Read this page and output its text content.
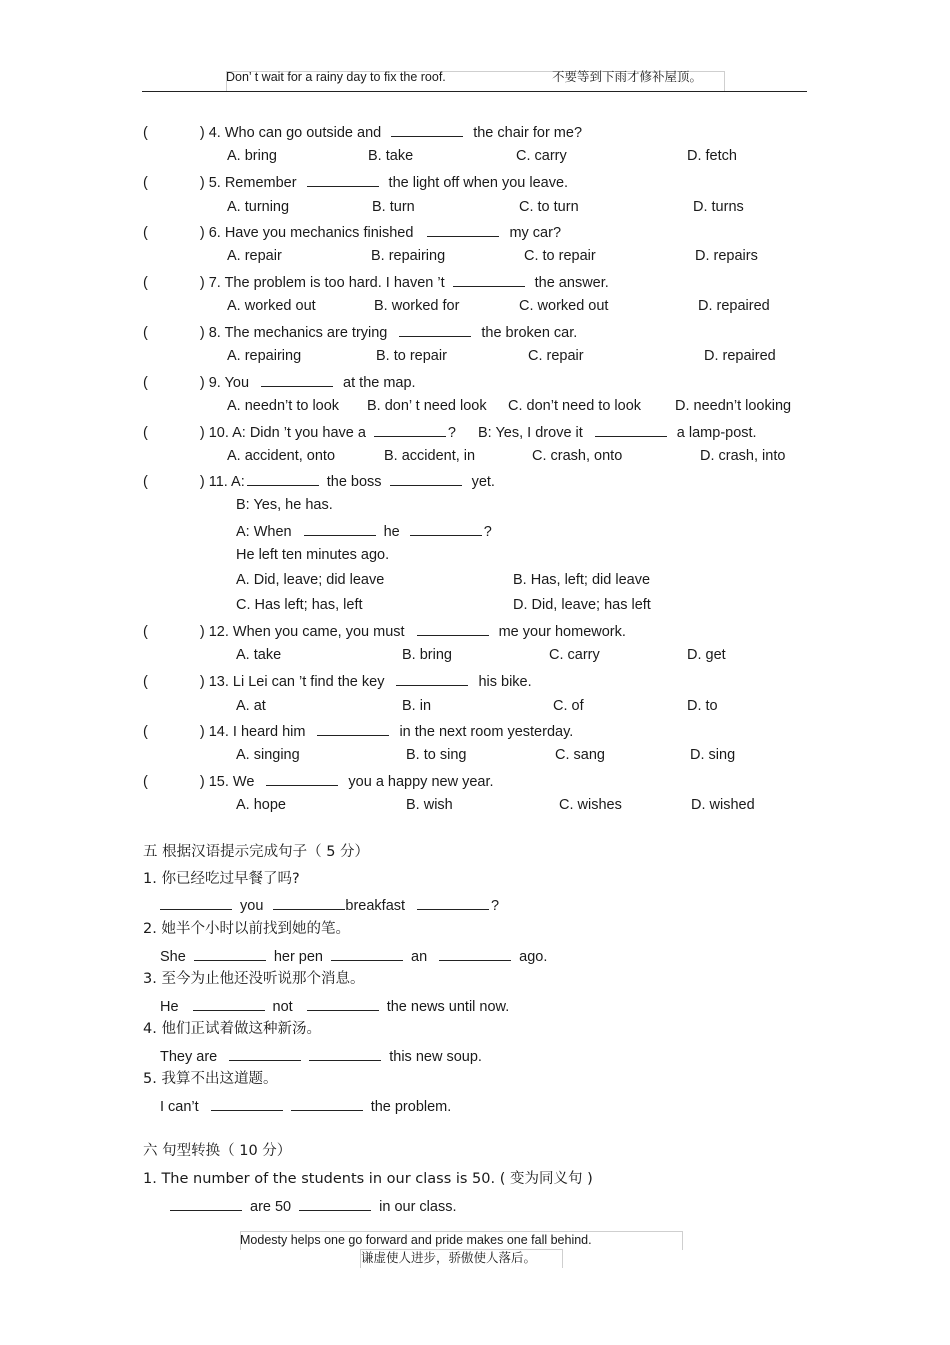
Don’ t wait for a rainy day to fix the roof.	不要等到下雨才修补屋顶。
(	) 4. Who can go outside and	the chair for me?
A. bring	B. take	C. carry	D. fetch
(	) 5. Remember	the light off when you leave.
A. turning	B. turn	C. to turn	D. turns
(	) 6. Have you mechanics finished	my car?
A. repair	B. repairing	C. to repair	D. repairs
(	) 7. The problem is too hard. I haven ’t	the answer.
A. worked out	B. worked for	C. worked out	D. repaired
(	) 8. The mechanics are trying	the broken car.
A. repairing	B. to repair	C. repair	D. repaired
(	) 9. You	at the map.
A. needn’t to look B. don’ t need look C. don’t need to look D. needn’t looking
(	) 10. A: Didn ’t you have a	? B: Yes, I drove it	a lamp-post.
A. accident, onto	B. accident, in	C. crash, onto	D. crash, into
(	) 11. A:	the boss	yet.
B: Yes, he has.
A: When	he	?
He left ten minutes ago.
A. Did, leave; did leave	B. Has, left; did leave
C. Has left; has, left	D. Did, leave; has left
(	) 12. When you came, you must	me your homework.
A. take	B. bring	C. carry	D. get
(	) 13. Li Lei can ’t find the key	his bike.
A. at	B. in	C. of	D. to
(	) 14. I heard him	in the next room yesterday.
A. singing	B. to sing	C. sang	D. sing
(	) 15. We	you a happy new year.
A. hope	B. wish	C. wishes	D. wished
五 根据汉语提示完成句子（ 5 分）
1. 你已经吃过早餐了吗?
you	breakfast	?
2. 她半个小时以前找到她的笔。
She	her pen	an	ago.
3. 至今为止他还没听说那个消息。
He	not	the news until now.
4. 他们正试着做这种新汤。
They are	this new soup.
5. 我算不出这道题。
I can’t	the problem.
六 句型转换（ 10 分）
1. The number of the students in our class is 50. ( 变为同义句 )
are 50	in our class.
Modesty helps one go forward and pride makes one fall behind.
谦虚使人进步，骄傲使人落后。
